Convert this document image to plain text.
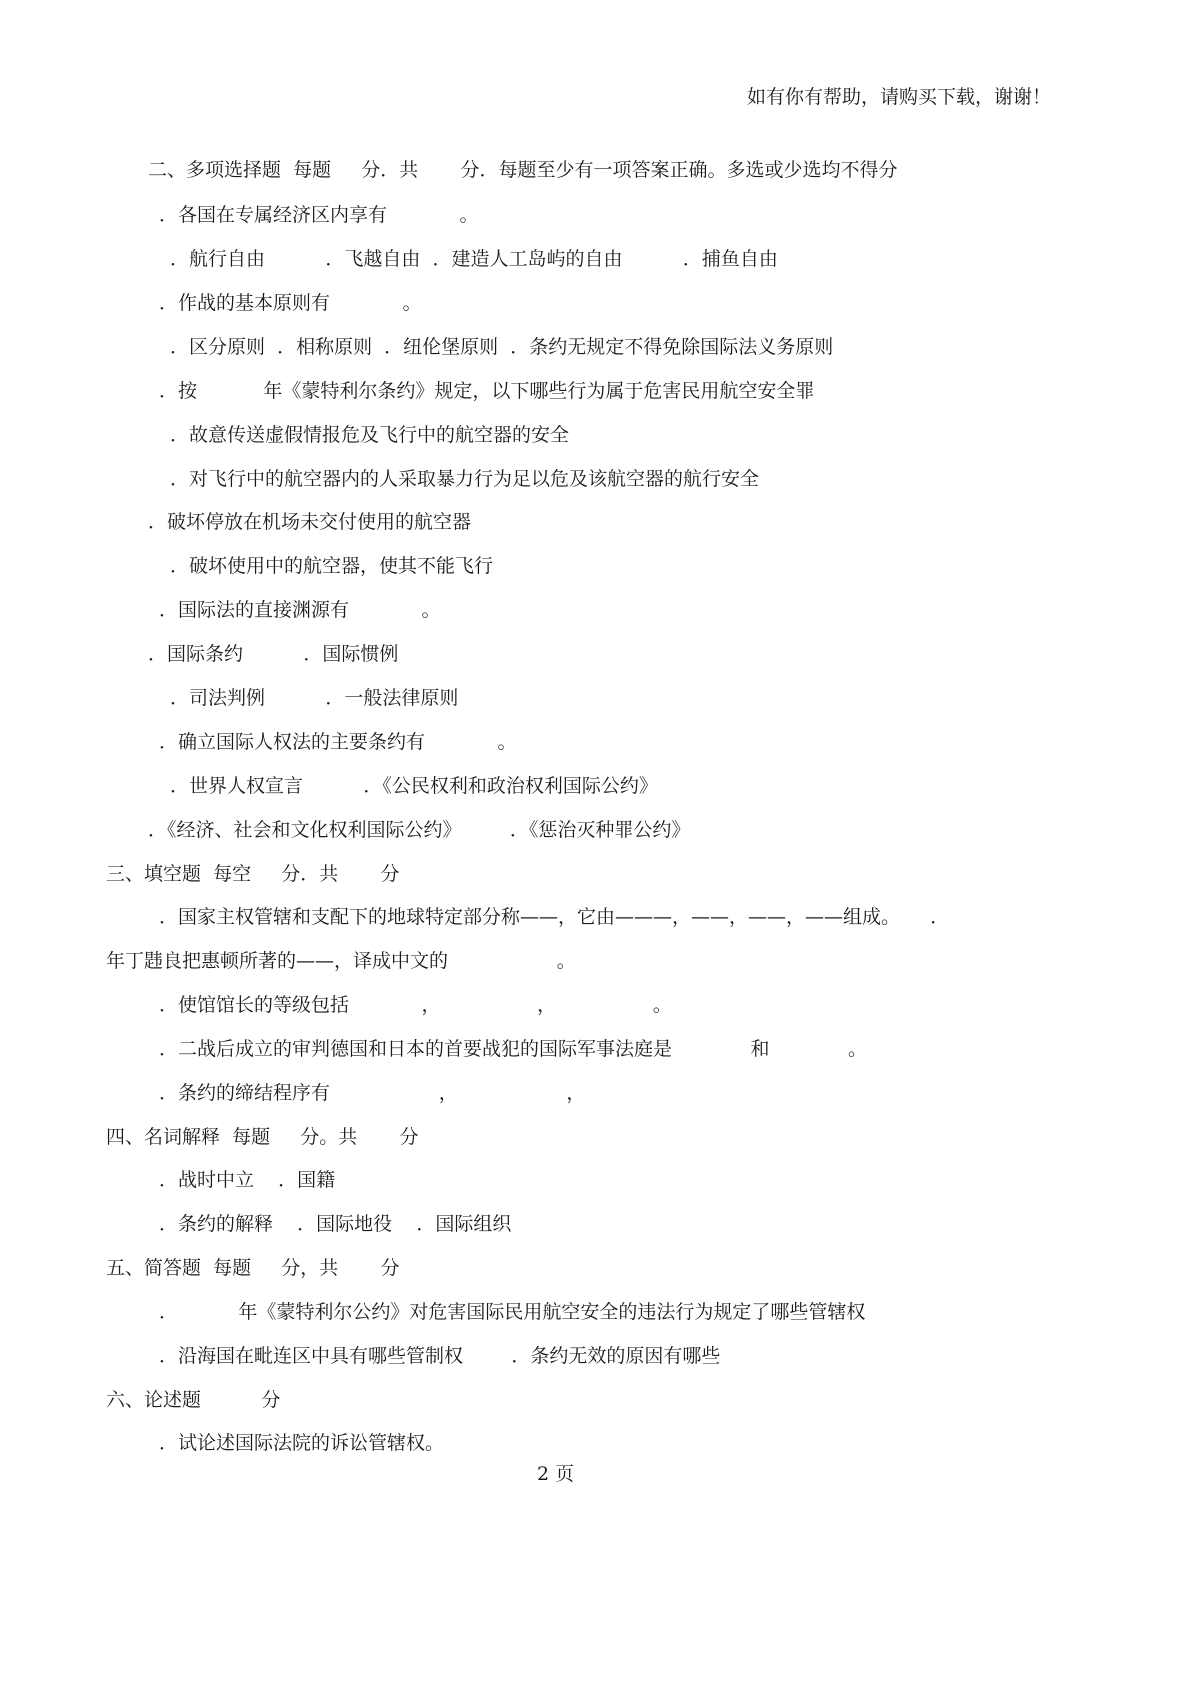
如有你有帮助，请购买下载，谢谢！

二、多项选择题  每题     分．共       分．每题至少有一项答案正确。多选或少选均不得分

．各国在专属经济区内享有            。

．航行自由          ．飞越自由  ．建造人工岛屿的自由          ．捕鱼自由

．作战的基本原则有            。

．区分原则  ．相称原则  ．纽伦堡原则  ．条约无规定不得免除国际法义务原则

．按           年《蒙特利尔条约》规定，以下哪些行为属于危害民用航空安全罪

．故意传送虚假情报危及飞行中的航空器的安全

．对飞行中的航空器内的人采取暴力行为足以危及该航空器的航行安全

．破坏停放在机场未交付使用的航空器

．破坏使用中的航空器，使其不能飞行

．国际法的直接渊源有            。

．国际条约          ．国际惯例

．司法判例          ．一般法律原则

．确立国际人权法的主要条约有            。

．世界人权宣言          ．《公民权利和政治权利国际公约》

．《经济、社会和文化权利国际公约》        ．《惩治灭种罪公约》

三、填空题  每空     分．共       分

．国家主权管辖和支配下的地球特定部分称——，它由———，——，——，——组成。     ．

年丁韪良把惠顿所著的——，译成中文的                  。

．使馆馆长的等级包括            ，                ，                。

．二战后成立的审判德国和日本的首要战犯的国际军事法庭是             和             。

．条约的缔结程序有                  ，                  ，

四、名词解释  每题     分。共       分

．战时中立    ．国籍

．条约的解释    ．国际地役    ．国际组织

五、简答题  每题     分，共       分

．          年《蒙特利尔公约》对危害国际民用航空安全的违法行为规定了哪些管辖权

．沿海国在毗连区中具有哪些管制权        ．条约无效的原因有哪些

六、论述题          分

．试论述国际法院的诉讼管辖权。

2 页
